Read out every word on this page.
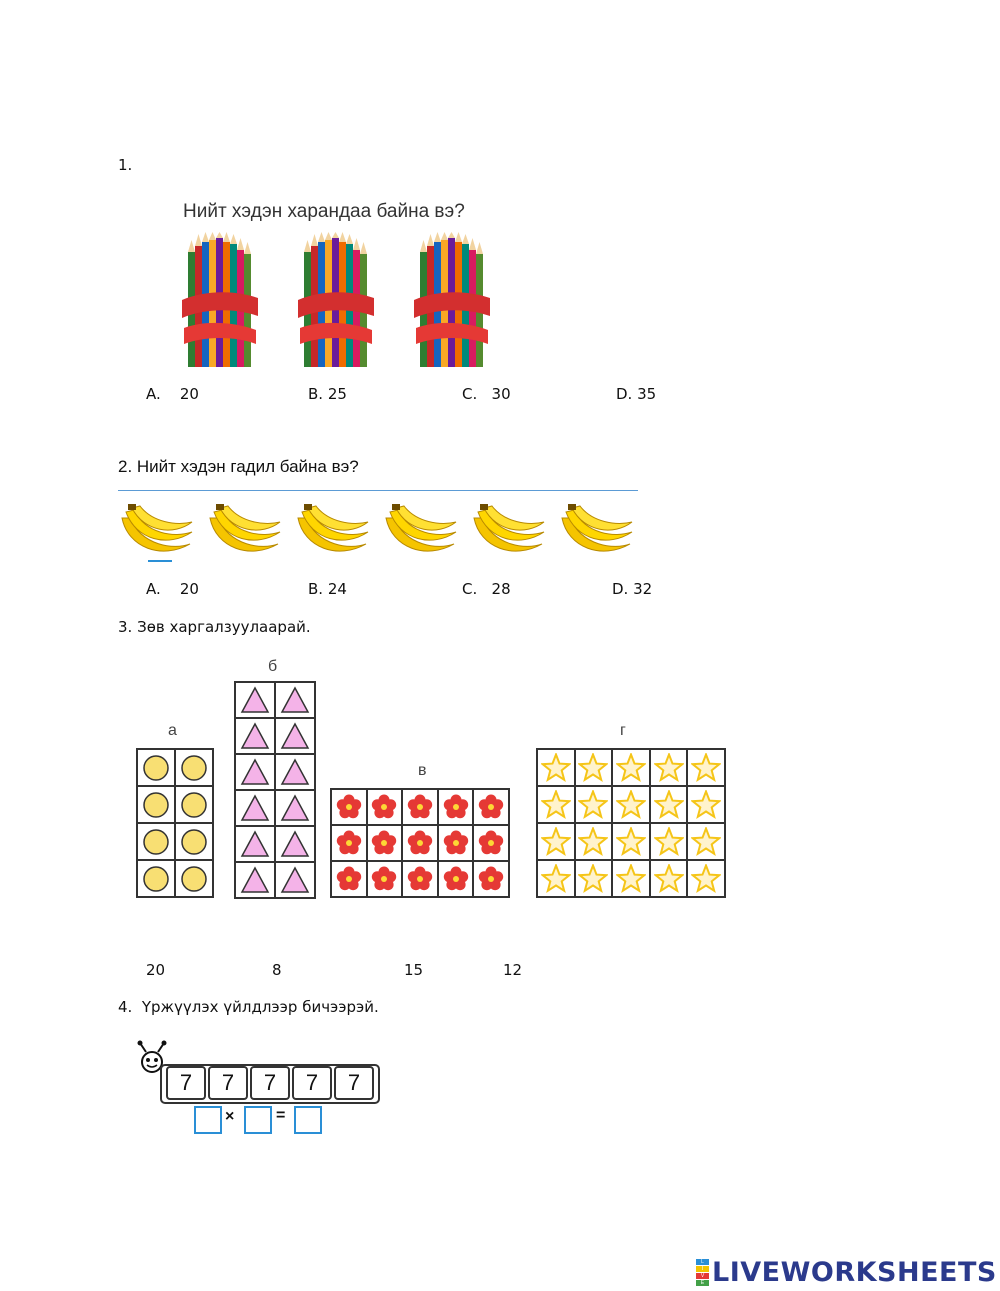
1.
Нийт хэдэн харандаа байна вэ?
A.    20	B. 25	C.   30	D. 35
2. Нийт хэдэн гадил байна вэ?
A.    20	B. 24	C.   28	D. 32
3. Зөв харгалзуулаарай.
а
б
в
г
20	8	15	12
4.  Үржүүлэх үйлдлээр бичээрэй.
7	7	7	7	7
×	=
L
I
V
E LIVEWORKSHEETS
